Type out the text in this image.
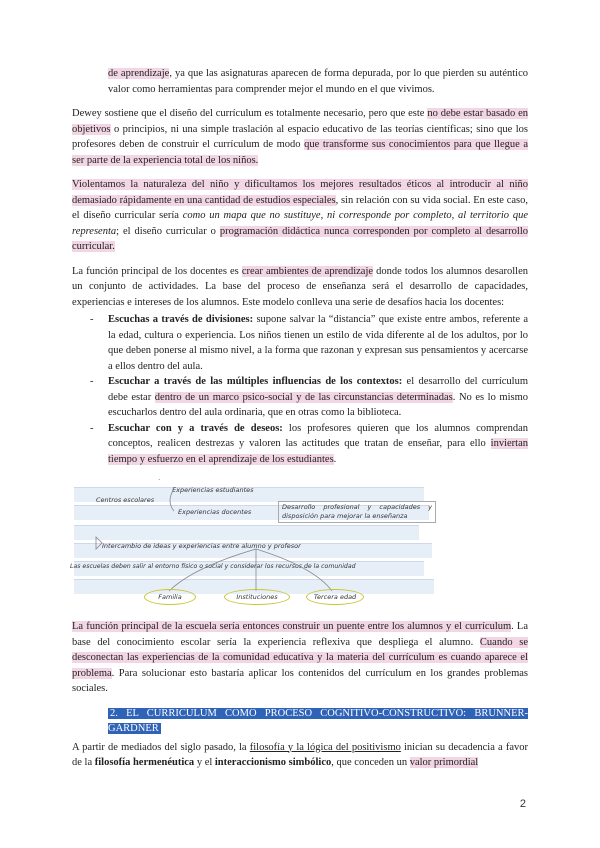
de aprendizaje, ya que las asignaturas aparecen de forma depurada, por lo que pierden su auténtico valor como herramientas para comprender mejor el mundo en el que vivimos.

Dewey sostiene que el diseño del currículum es totalmente necesario, pero que este no debe estar basado en objetivos o principios, ni una simple traslación al espacio educativo de las teorías científicas; sino que los profesores deben de construir el currículum de modo que transforme sus conocimientos para que llegue a ser parte de la experiencia total de los niños.

Violentamos la naturaleza del niño y dificultamos los mejores resultados éticos al introducir al niño demasiado rápidamente en una cantidad de estudios especiales, sin relación con su vida social. En este caso, el diseño curricular sería como un mapa que no sustituye, ni corresponde por completo, al territorio que representa; el diseño curricular o programación didáctica nunca corresponden por completo al desarrollo curricular.

La función principal de los docentes es crear ambientes de aprendizaje donde todos los alumnos desarollen un conjunto de actividades. La base del proceso de enseñanza será el desarrollo de capacidades, experiencias e intereses de los alumnos. Este modelo conlleva una serie de desafíos hacia los docentes:

- Escuchas a través de divisiones: supone salvar la “distancia” que existe entre ambos, referente a la edad, cultura o experiencia. Los niños tienen un estilo de vida diferente al de los adultos, por lo que deben ponerse al mismo nivel, a la forma que razonan y expresan sus pensamientos y acercarse a ellos dentro del aula.
- Escuchar a través de las múltiples influencias de los contextos: el desarrollo del currículum debe estar dentro de un marco psico-social y de las circunstancias determinadas. No es lo mismo escucharlos dentro del aula ordinaria, que en otras como la biblioteca.
- Escuchar con y a través de deseos: los profesores quieren que los alumnos comprendan conceptos, realicen destrezas y valoren las actitudes que tratan de enseñar, para ello inviertan tiempo y esfuerzo en el aprendizaje de los estudiantes.
·
Experiencias estudiantes
Centros escolares
Experiencias docentes
Desarrollo profesional y capacidades y disposición para mejorar la enseñanza
Intercambio de ideas y experiencias entre alumno y profesor
Las escuelas deben salir al entorno físico o social y considerar los recursos de la comunidad
Familia	Instituciones	Tercera edad

La función principal de la escuela sería entonces construir un puente entre los alumnos y el currículum. La base del conocimiento escolar sería la experiencia reflexiva que despliega el alumno. Cuando se desconectan las experiencias de la comunidad educativa y la materia del currículum es cuando aparece el problema. Para solucionar esto bastaría aplicar los contenidos del currículum en los grandes problemas sociales.

2. EL CURRICULUM COMO PROCESO COGNITIVO-CONSTRUCTIVO: BRUNNER-GARDNER

A partir de mediados del siglo pasado, la filosofía y la lógica del positivismo inician su decadencia a favor de la filosofía hermenéutica y el interaccionismo simbólico, que conceden un valor primordial

2
